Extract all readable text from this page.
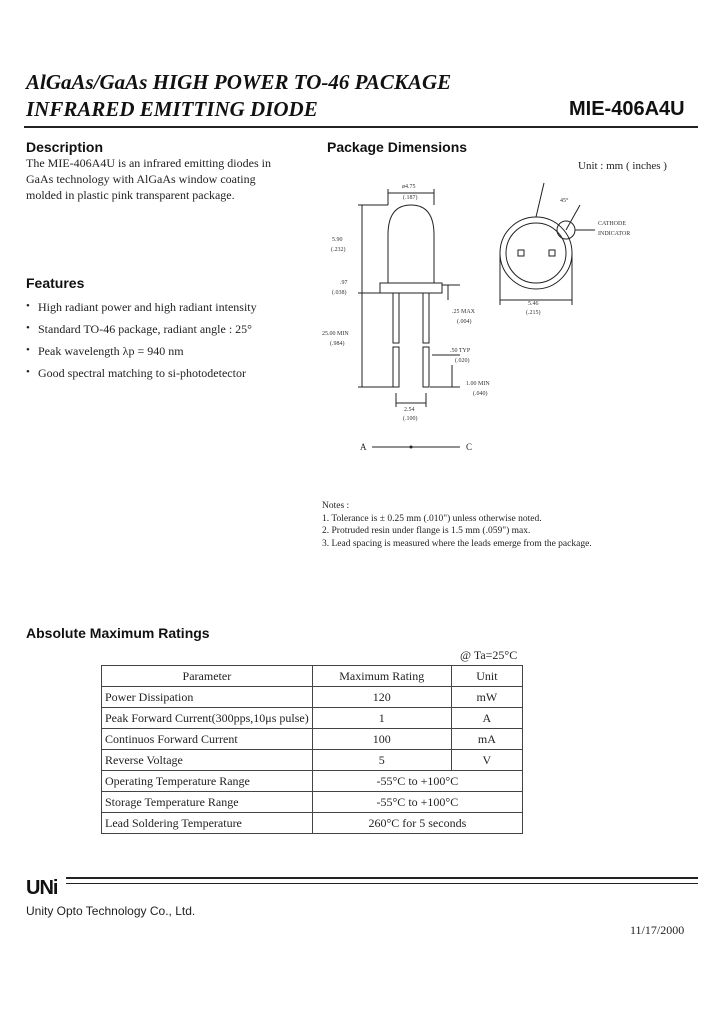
AlGaAs/GaAs HIGH POWER TO-46 PACKAGE
INFRARED EMITTING DIODE	MIE-406A4U
Description
The MIE-406A4U is an infrared emitting diodes in
GaAs technology with AlGaAs window coating
molded in plastic pink transparent package.
Features
• High radiant power and high radiant intensity
• Standard TO-46 package, radiant angle : 25°
• Peak wavelength λp = 940 nm
• Good spectral matching to si-photodetector
Package Dimensions
Unit : mm ( inches )
ø4.75
(.187)
5.90
(.232)
.97
(.038)
25.00 MIN
(.984)
.25 MAX
(.004)
.50 TYP
(.020)
1.00 MIN
(.040)
2.54
(.100)
45°
CATHODE
INDICATOR
5.46
(.215)
A	C
Notes :
1. Tolerance is ± 0.25 mm (.010") unless otherwise noted.
2. Protruded resin under flange is 1.5 mm (.059") max.
3. Lead spacing is measured where the leads emerge from the package.
Absolute Maximum Ratings
@ Ta=25°C
Parameter	Maximum Rating	Unit
Power Dissipation	120	mW
Peak Forward Current(300pps,10μs pulse)	1	A
Continuos Forward Current	100	mA
Reverse Voltage	5	V
Operating Temperature Range	-55°C to +100°C	
Storage Temperature Range	-55°C to +100°C	
Lead Soldering Temperature	260°C for 5 seconds	
UNi
Unity Opto Technology Co., Ltd.
11/17/2000
